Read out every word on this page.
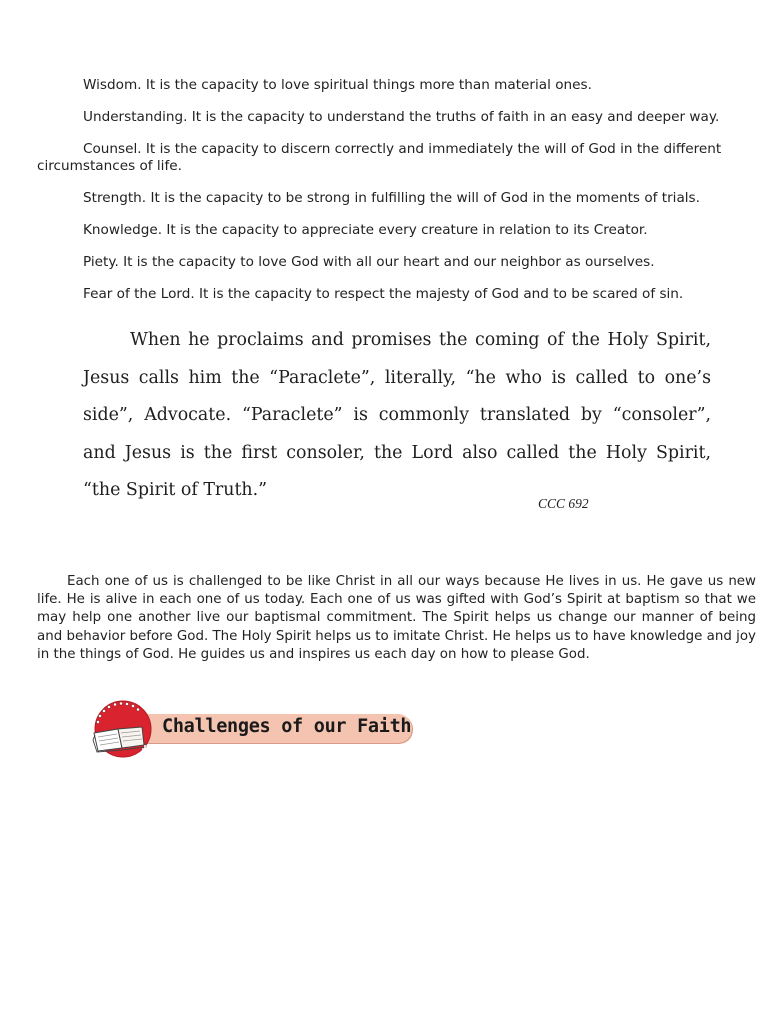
Wisdom. It is the capacity to love spiritual things more than material ones.

Understanding. It is the capacity to understand the truths of faith in an easy and deeper way.

Counsel. It is the capacity to discern correctly and immediately the will of God in the different circumstances of life.

Strength. It is the capacity to be strong in fulfilling the will of God in the moments of trials.

Knowledge. It is the capacity to appreciate every creature in relation to its Creator.

Piety. It is the capacity to love God with all our heart and our neighbor as ourselves.

Fear of the Lord. It is the capacity to respect the majesty of God and to be scared of sin.

When he proclaims and promises the coming of the Holy Spirit, Jesus calls him the “Paraclete”, literally, “he who is called to one’s side”, Advocate. “Paraclete” is commonly translated by “consoler”, and Jesus is the first consoler, the Lord also called the Holy Spirit, “the Spirit of Truth.”

CCC 692

Each one of us is challenged to be like Christ in all our ways because He lives in us. He gave us new life. He is alive in each one of us today. Each one of us was gifted with God’s Spirit at baptism so that we may help one another live our baptismal commitment. The Spirit helps us change our manner of being and behavior before God. The Holy Spirit helps us to imitate Christ. He helps us to have knowledge and joy in the things of God. He guides us and inspires us each day on how to please God.

Challenges of our Faith
